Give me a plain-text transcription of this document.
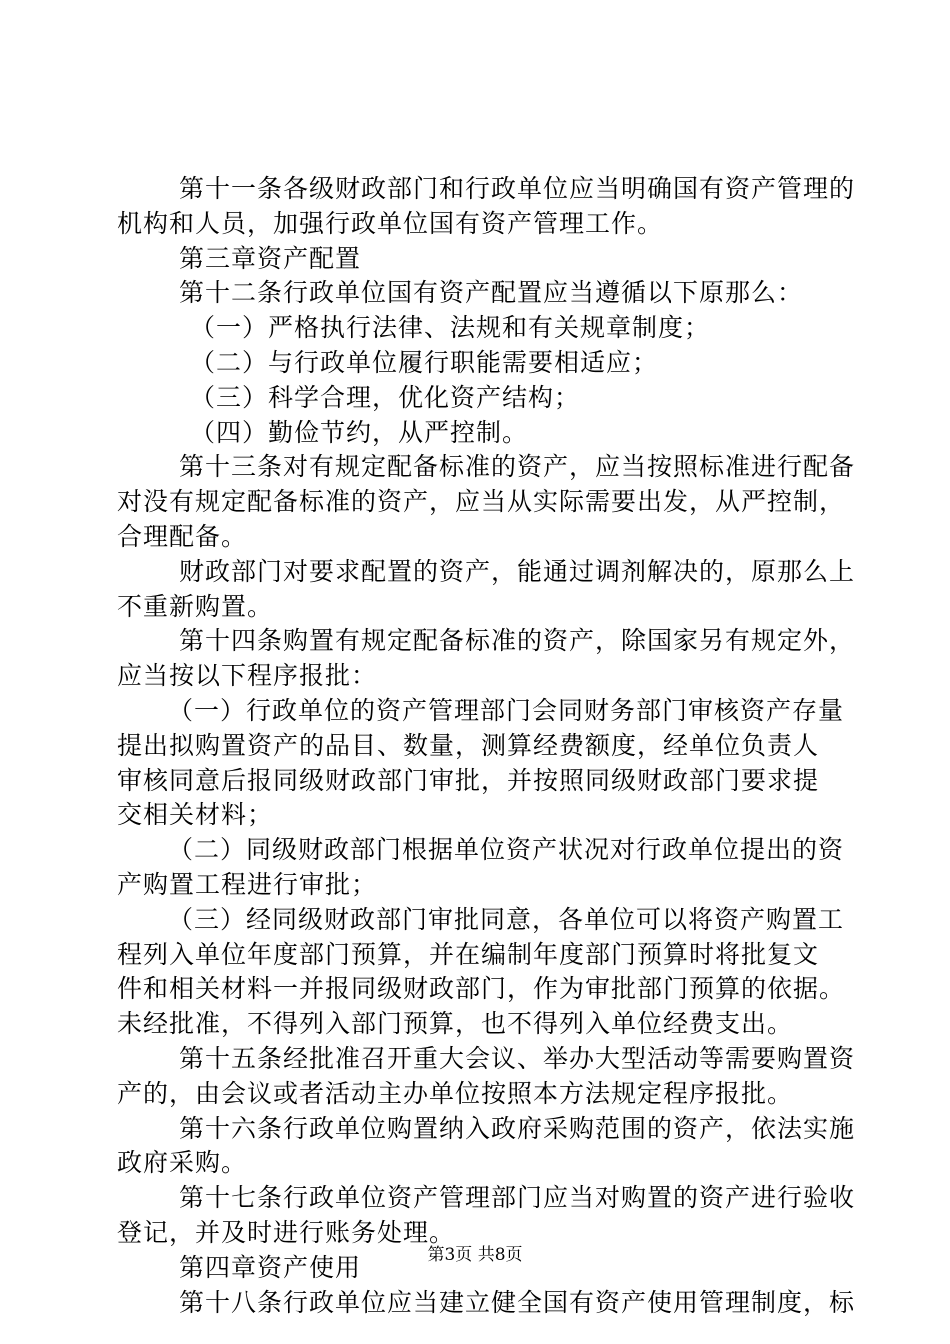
第十一条各级财政部门和行政单位应当明确国有资产管理的
机构和人员，加强行政单位国有资产管理工作。
第三章资产配置
第十二条行政单位国有资产配置应当遵循以下原那么：
（一）严格执行法律、法规和有关规章制度；
（二）与行政单位履行职能需要相适应；
（三）科学合理，优化资产结构；
（四）勤俭节约，从严控制。
第十三条对有规定配备标准的资产，应当按照标准进行配备
对没有规定配备标准的资产，应当从实际需要出发，从严控制，
合理配备。
财政部门对要求配置的资产，能通过调剂解决的，原那么上
不重新购置。
第十四条购置有规定配备标准的资产，除国家另有规定外，
应当按以下程序报批：
（一）行政单位的资产管理部门会同财务部门审核资产存量
提出拟购置资产的品目、数量，测算经费额度，经单位负责人
审核同意后报同级财政部门审批，并按照同级财政部门要求提
交相关材料；
（二）同级财政部门根据单位资产状况对行政单位提出的资
产购置工程进行审批；
（三）经同级财政部门审批同意，各单位可以将资产购置工
程列入单位年度部门预算，并在编制年度部门预算时将批复文
件和相关材料一并报同级财政部门，作为审批部门预算的依据。
未经批准，不得列入部门预算，也不得列入单位经费支出。
第十五条经批准召开重大会议、举办大型活动等需要购置资
产的，由会议或者活动主办单位按照本方法规定程序报批。
第十六条行政单位购置纳入政府采购范围的资产，依法实施
政府采购。
第十七条行政单位资产管理部门应当对购置的资产进行验收
登记，并及时进行账务处理。
第四章资产使用
第十八条行政单位应当建立健全国有资产使用管理制度，标
第3页 共8页
